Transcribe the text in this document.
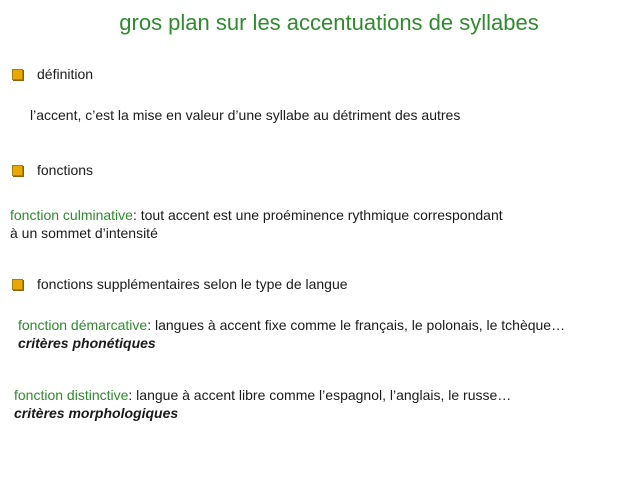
gros plan sur les accentuations de syllabes
définition
l’accent, c’est la mise en valeur d’une syllabe au détriment des autres
fonctions
fonction culminative: tout accent est une proéminence rythmique correspondant
à un sommet d’intensité
fonctions supplémentaires selon le type de langue
fonction démarcative: langues à accent fixe comme le français, le polonais, le tchèque…
critères phonétiques
fonction distinctive: langue à accent libre comme l’espagnol, l’anglais, le russe…
critères morphologiques
